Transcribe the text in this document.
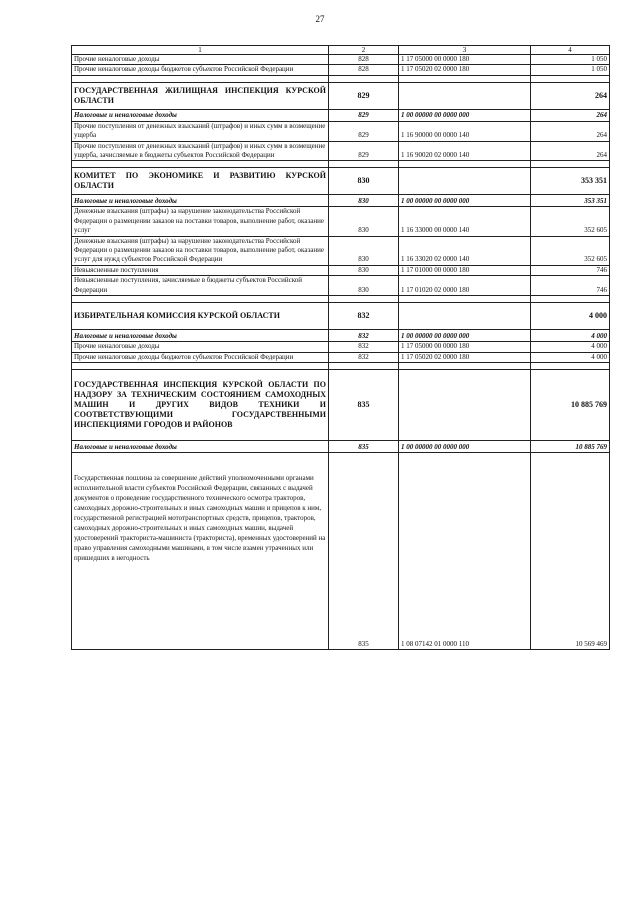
27
1	2	3	4
Прочие неналоговые доходы	828	1 17 05000 00 0000 180	1 050
Прочие неналоговые доходы бюджетов субъектов Российской Федерации	828	1 17 05020 02 0000 180	1 050

ГОСУДАРСТВЕННАЯ ЖИЛИЩНАЯ ИНСПЕКЦИЯ КУРСКОЙ ОБЛАСТИ	829		264
Налоговые и неналоговые доходы	829	1 00 00000 00 0000 000	264
Прочие поступления от денежных взысканий (штрафов) и иных сумм в возмещение ущерба	829	1 16 90000 00 0000 140	264
Прочие поступления от денежных взысканий (штрафов) и иных сумм в возмещение ущерба, зачисляемые в бюджеты субъектов Российской Федерации	829	1 16 90020 02 0000 140	264

КОМИТЕТ ПО ЭКОНОМИКЕ И РАЗВИТИЮ КУРСКОЙ ОБЛАСТИ	830		353 351
Налоговые и неналоговые доходы	830	1 00 00000 00 0000 000	353 351
Денежные взыскания (штрафы) за нарушение законодательства Российской Федерации о размещении заказов на поставки товаров, выполнение работ, оказание услуг	830	1 16 33000 00 0000 140	352 605
Денежные взыскания (штрафы) за нарушение законодательства Российской Федерации о размещении заказов на поставки товаров, выполнение работ, оказание услуг для нужд субъектов Российской Федерации	830	1 16 33020 02 0000 140	352 605
Невыясненные поступления	830	1 17 01000 00 0000 180	746
Невыясненные поступления, зачисляемые в бюджеты субъектов Российской Федерации	830	1 17 01020 02 0000 180	746

ИЗБИРАТЕЛЬНАЯ КОМИССИЯ КУРСКОЙ ОБЛАСТИ	832		4 000
Налоговые и неналоговые доходы	832	1 00 00000 00 0000 000	4 000
Прочие неналоговые доходы	832	1 17 05000 00 0000 180	4 000
Прочие неналоговые доходы бюджетов субъектов Российской Федерации	832	1 17 05020 02 0000 180	4 000

ГОСУДАРСТВЕННАЯ ИНСПЕКЦИЯ КУРСКОЙ ОБЛАСТИ ПО НАДЗОРУ ЗА ТЕХНИЧЕСКИМ СОСТОЯНИЕМ САМОХОДНЫХ МАШИН И ДРУГИХ ВИДОВ ТЕХНИКИ И СООТВЕТСТВУЮЩИМИ ГОСУДАРСТВЕННЫМИ ИНСПЕКЦИЯМИ ГОРОДОВ И РАЙОНОВ	835		10 885 769
Налоговые и неналоговые доходы	835	1 00 00000 00 0000 000	10 885 769
Государственная пошлина за совершение действий уполномоченными органами исполнительной власти субъектов Российской Федерации, связанных с выдачей документов о проведение государственного технического осмотра тракторов, самоходных дорожно-строительных и иных самоходных машин и прицепов к ним, государственной регистрацией мототранспортных средств, прицепов, тракторов, самоходных дорожно-строительных и иных самоходных машин, выдачей удостоверений тракториста-машиниста (тракториста), временных удостоверений на право управления самоходными машинами, в том числе взамен утраченных или пришедших в негодность	835	1 08 07142 01 0000 110	10 569 469
